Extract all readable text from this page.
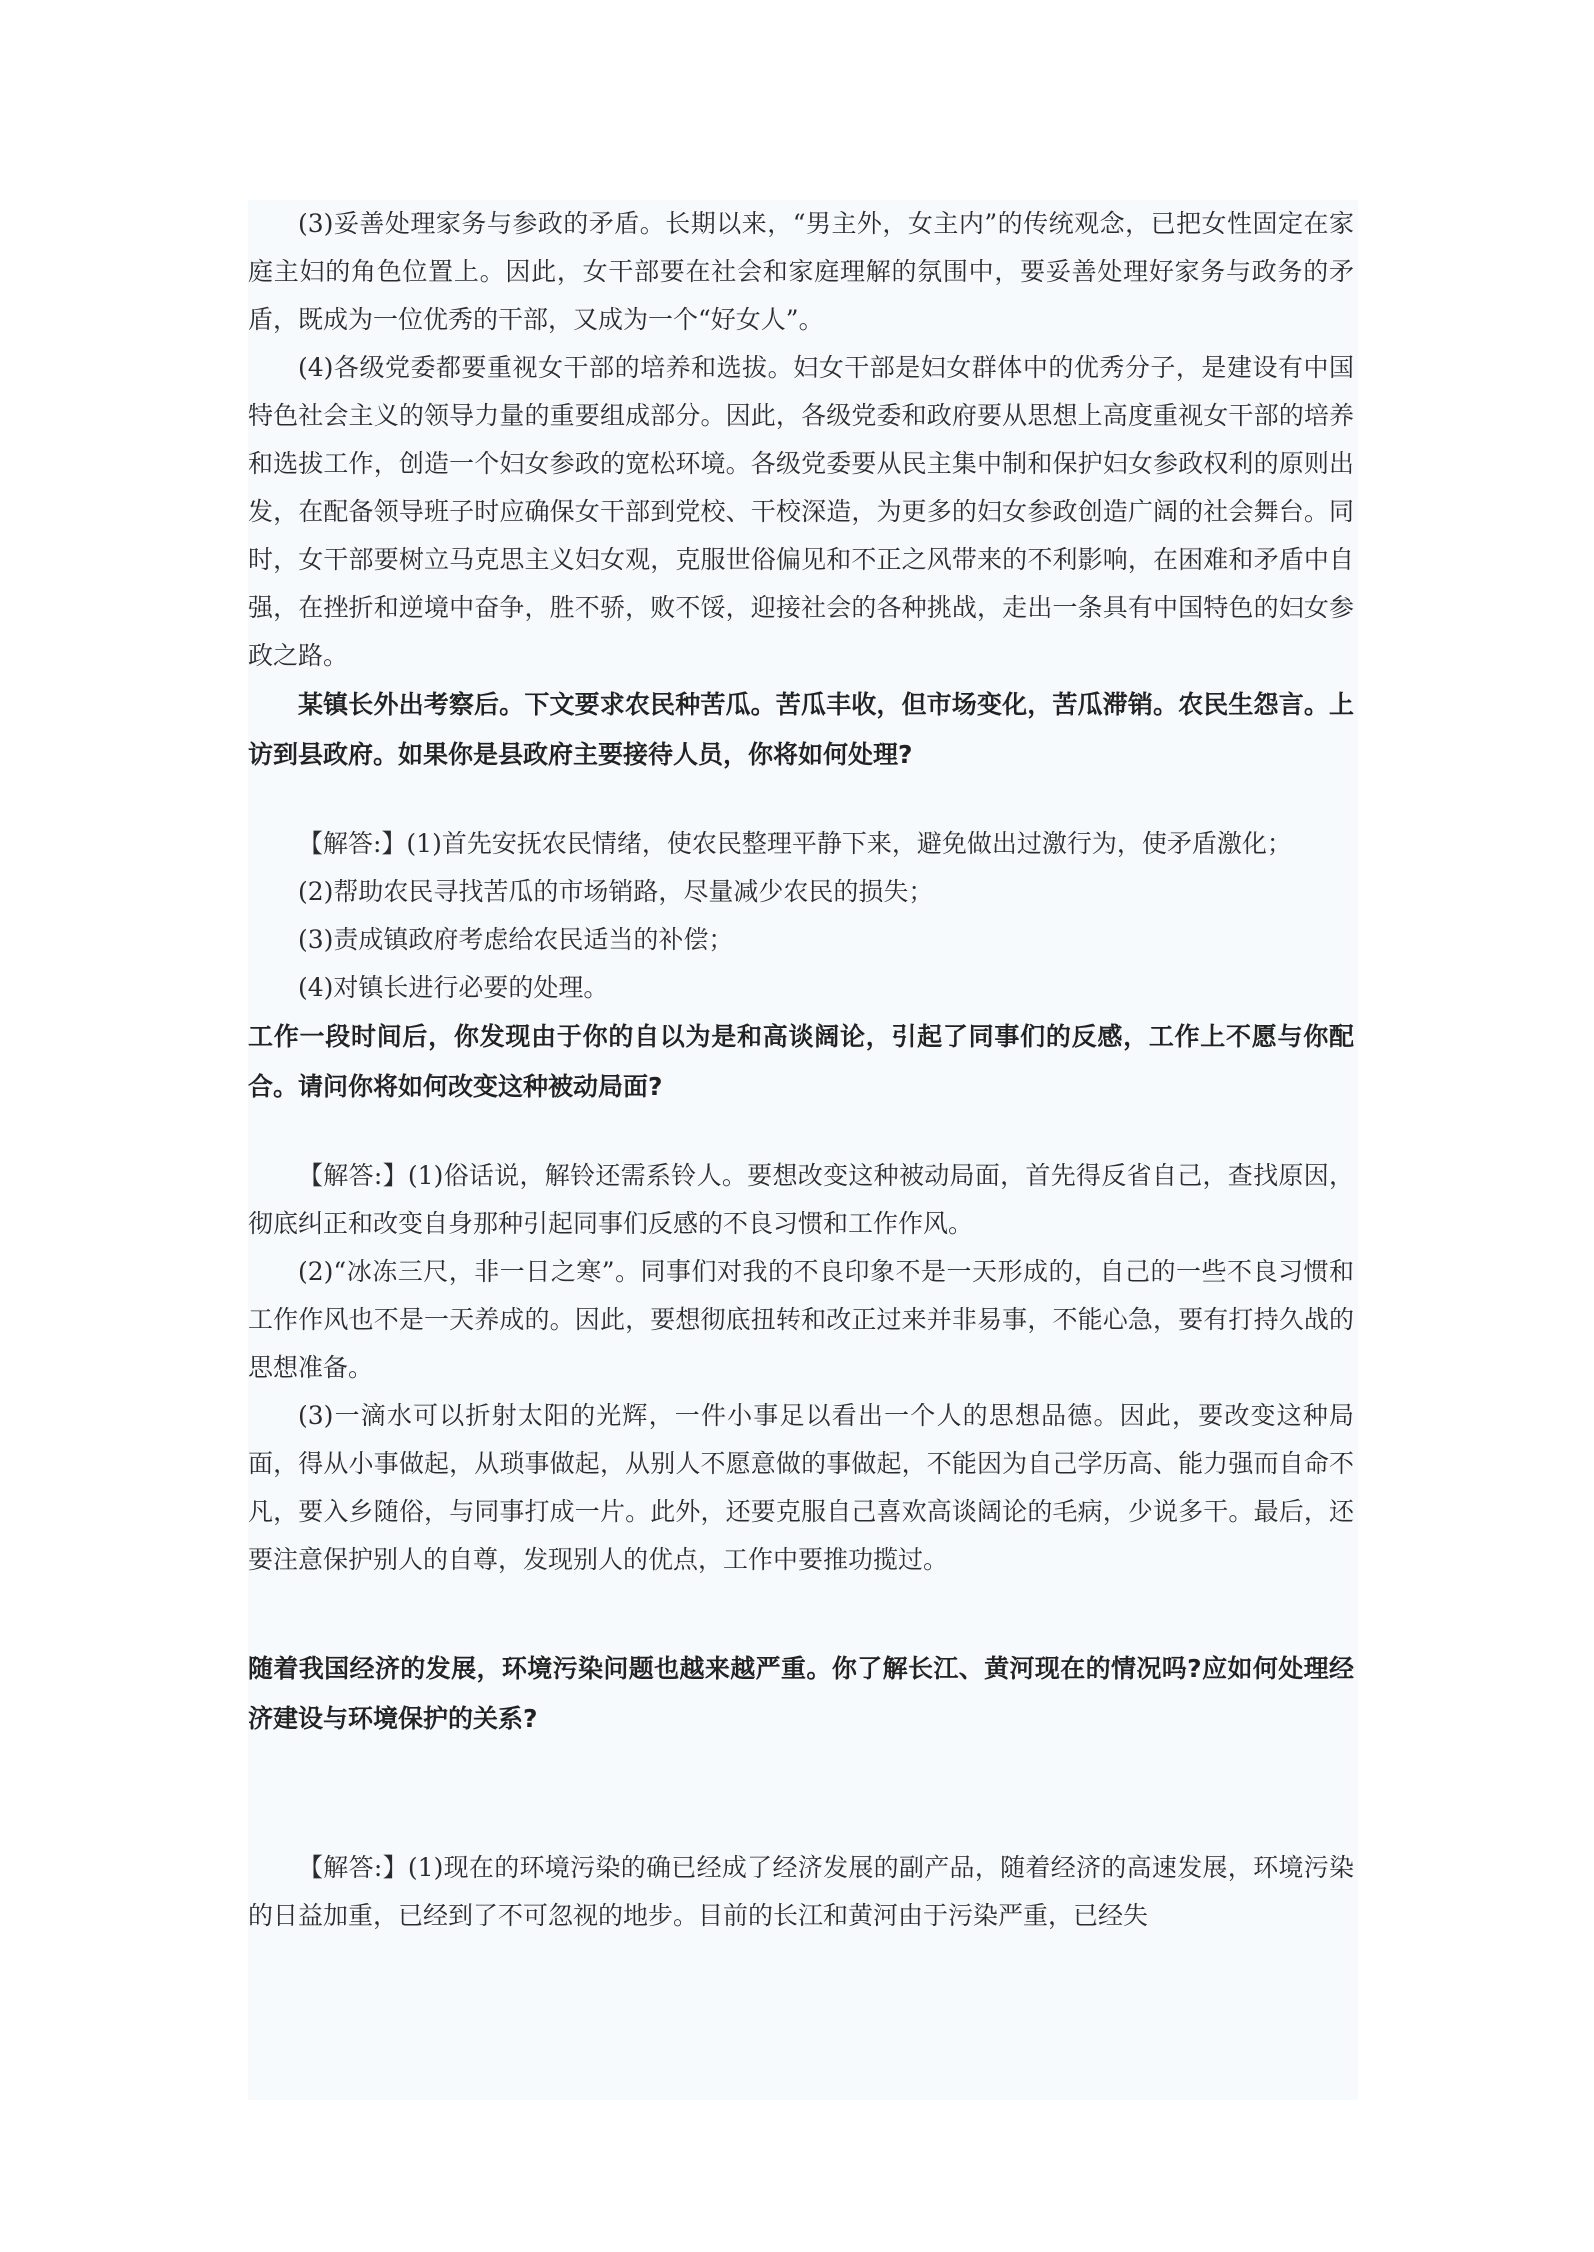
(3)妥善处理家务与参政的矛盾。长期以来，“男主外，女主内”的传统观念，已把女性固定在家庭主妇的角色位置上。因此，女干部要在社会和家庭理解的氛围中，要妥善处理好家务与政务的矛盾，既成为一位优秀的干部，又成为一个“好女人”。

(4)各级党委都要重视女干部的培养和选拔。妇女干部是妇女群体中的优秀分子，是建设有中国特色社会主义的领导力量的重要组成部分。因此，各级党委和政府要从思想上高度重视女干部的培养和选拔工作，创造一个妇女参政的宽松环境。各级党委要从民主集中制和保护妇女参政权利的原则出发，在配备领导班子时应确保女干部到党校、干校深造，为更多的妇女参政创造广阔的社会舞台。同时，女干部要树立马克思主义妇女观，克服世俗偏见和不正之风带来的不利影响，在困难和矛盾中自强，在挫折和逆境中奋争，胜不骄，败不馁，迎接社会的各种挑战，走出一条具有中国特色的妇女参政之路。

某镇长外出考察后。下文要求农民种苦瓜。苦瓜丰收，但市场变化，苦瓜滞销。农民生怨言。上访到县政府。如果你是县政府主要接待人员，你将如何处理?

【解答:】(1)首先安抚农民情绪，使农民整理平静下来，避免做出过激行为，使矛盾激化；

(2)帮助农民寻找苦瓜的市场销路，尽量减少农民的损失；

(3)责成镇政府考虑给农民适当的补偿；

(4)对镇长进行必要的处理。

工作一段时间后，你发现由于你的自以为是和高谈阔论，引起了同事们的反感，工作上不愿与你配合。请问你将如何改变这种被动局面?

【解答:】(1)俗话说，解铃还需系铃人。要想改变这种被动局面，首先得反省自己，查找原因，彻底纠正和改变自身那种引起同事们反感的不良习惯和工作作风。

(2)“冰冻三尺，非一日之寒”。同事们对我的不良印象不是一天形成的，自己的一些不良习惯和工作作风也不是一天养成的。因此，要想彻底扭转和改正过来并非易事，不能心急，要有打持久战的思想准备。

(3)一滴水可以折射太阳的光辉，一件小事足以看出一个人的思想品德。因此，要改变这种局面，得从小事做起，从琐事做起，从别人不愿意做的事做起，不能因为自己学历高、能力强而自命不凡，要入乡随俗，与同事打成一片。此外，还要克服自己喜欢高谈阔论的毛病，少说多干。最后，还要注意保护别人的自尊，发现别人的优点，工作中要推功揽过。

随着我国经济的发展，环境污染问题也越来越严重。你了解长江、黄河现在的情况吗?应如何处理经济建设与环境保护的关系?

【解答:】(1)现在的环境污染的确已经成了经济发展的副产品，随着经济的高速发展，环境污染的日益加重，已经到了不可忽视的地步。目前的长江和黄河由于污染严重，已经失
